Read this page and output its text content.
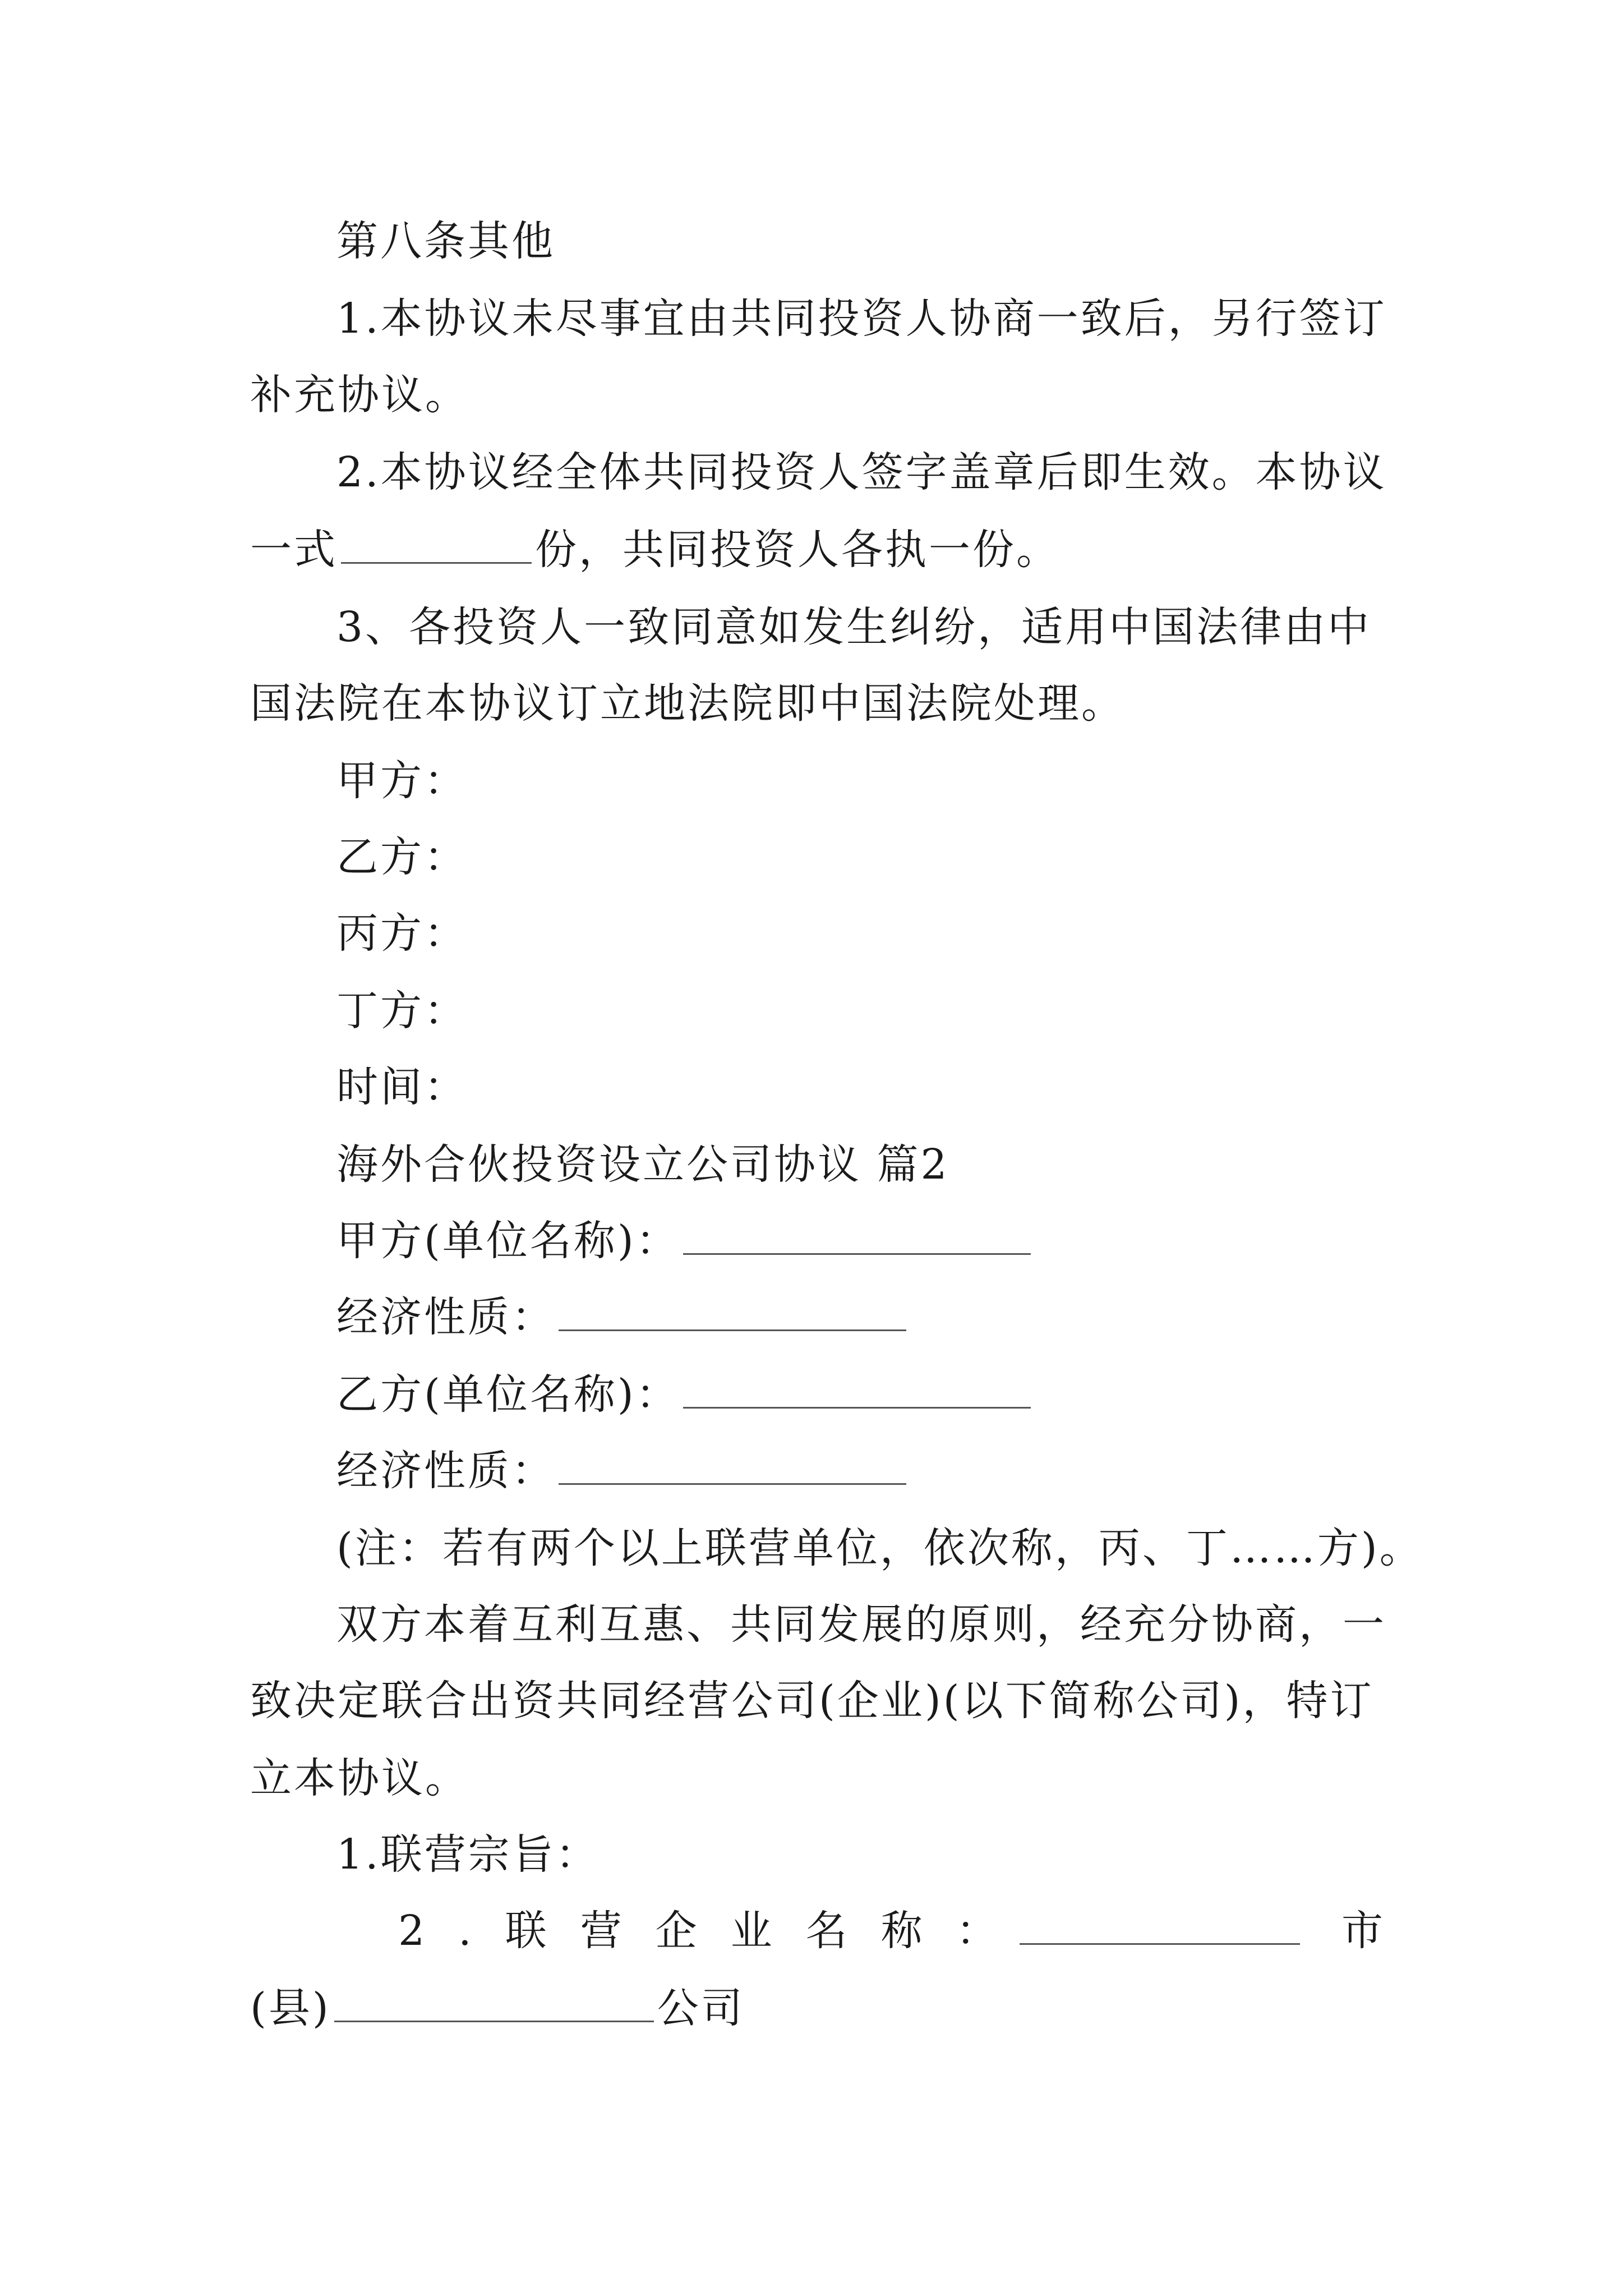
第八条其他
1.本协议未尽事宜由共同投资人协商一致后，另行签订
补充协议。
2.本协议经全体共同投资人签字盖章后即生效。本协议
一式	份，共同投资人各执一份。
3、各投资人一致同意如发生纠纷，适用中国法律由中
国法院在本协议订立地法院即中国法院处理。
甲方：
乙方：
丙方：
丁方：
时间：
海外合伙投资设立公司协议 篇2
甲方(单位名称)：
经济性质：
乙方(单位名称)：
经济性质：
(注：若有两个以上联营单位，依次称，丙、丁……方)。
双方本着互利互惠、共同发展的原则，经充分协商，一
致决定联合出资共同经营公司(企业)(以下简称公司)，特订
立本协议。
1.联营宗旨：
2.联营企业名称：	市
(县)	公司
